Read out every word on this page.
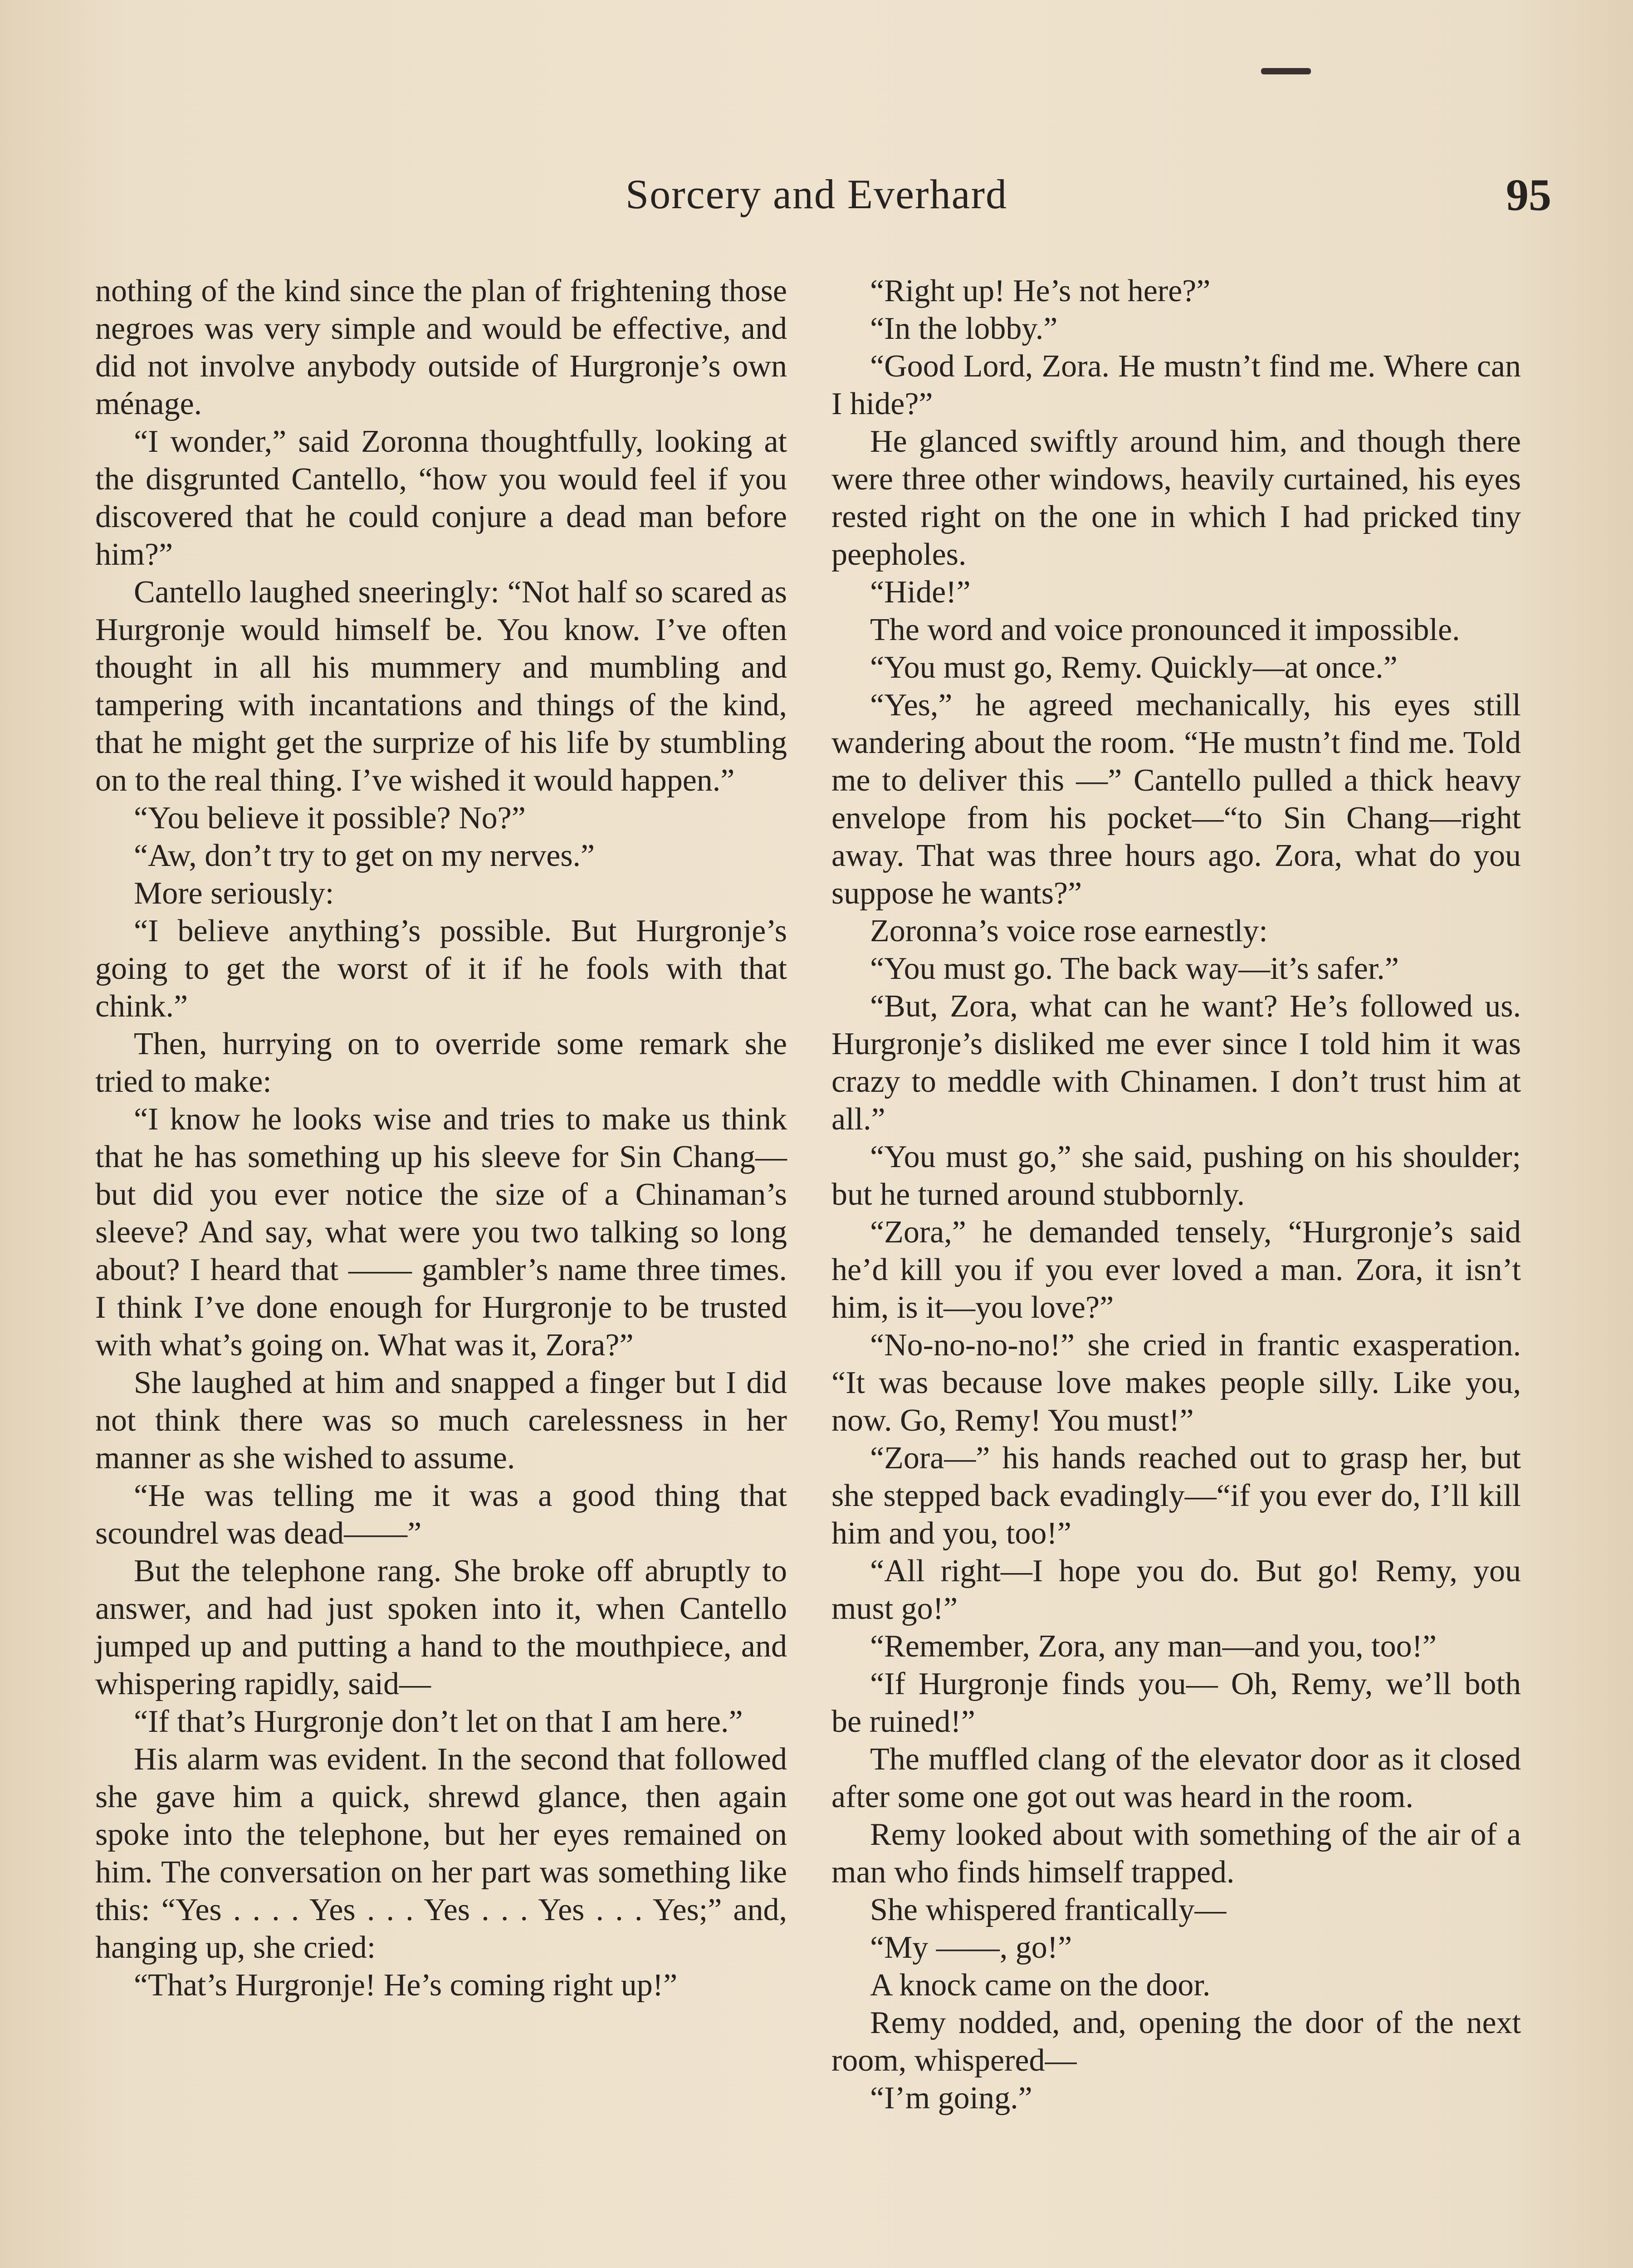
Sorcery and Everhard	95

nothing of the kind since the plan of frightening those negroes was very simple and would be effective, and did not involve anybody outside of Hurgronje’s own ménage.

“I wonder,” said Zoronna thoughtfully, looking at the disgrunted Cantello, “how you would feel if you discovered that he could conjure a dead man before him?”

Cantello laughed sneeringly: “Not half so scared as Hurgronje would himself be. You know. I’ve often thought in all his mummery and mumbling and tampering with incantations and things of the kind, that he might get the surprize of his life by stumbling on to the real thing. I’ve wished it would happen.”

“You believe it possible? No?”

“Aw, don’t try to get on my nerves.”

More seriously:

“I believe anything’s possible. But Hurgronje’s going to get the worst of it if he fools with that chink.”

Then, hurrying on to override some remark she tried to make:

“I know he looks wise and tries to make us think that he has something up his sleeve for Sin Chang—but did you ever notice the size of a Chinaman’s sleeve? And say, what were you two talking so long about? I heard that —— gambler’s name three times. I think I’ve done enough for Hurgronje to be trusted with what’s going on. What was it, Zora?”

She laughed at him and snapped a finger but I did not think there was so much carelessness in her manner as she wished to assume.

“He was telling me it was a good thing that scoundrel was dead——”

But the telephone rang. She broke off abruptly to answer, and had just spoken into it, when Cantello jumped up and putting a hand to the mouthpiece, and whispering rapidly, said—

“If that’s Hurgronje don’t let on that I am here.”

His alarm was evident. In the second that followed she gave him a quick, shrewd glance, then again spoke into the telephone, but her eyes remained on him. The conversation on her part was something like this: “Yes . . . . Yes . . . Yes . . . Yes . . . Yes;” and, hanging up, she cried:

“That’s Hurgronje! He’s coming right up!”

“Right up! He’s not here?”

“In the lobby.”

“Good Lord, Zora. He mustn’t find me. Where can I hide?”

He glanced swiftly around him, and though there were three other windows, heavily curtained, his eyes rested right on the one in which I had pricked tiny peepholes.

“Hide!”

The word and voice pronounced it impossible.

“You must go, Remy. Quickly—at once.”

“Yes,” he agreed mechanically, his eyes still wandering about the room. “He mustn’t find me. Told me to deliver this —” Cantello pulled a thick heavy envelope from his pocket—“to Sin Chang—right away. That was three hours ago. Zora, what do you suppose he wants?”

Zoronna’s voice rose earnestly:

“You must go. The back way—it’s safer.”

“But, Zora, what can he want? He’s followed us. Hurgronje’s disliked me ever since I told him it was crazy to meddle with Chinamen. I don’t trust him at all.”

“You must go,” she said, pushing on his shoulder; but he turned around stubbornly.

“Zora,” he demanded tensely, “Hurgronje’s said he’d kill you if you ever loved a man. Zora, it isn’t him, is it—you love?”

“No-no-no-no!” she cried in frantic exasperation. “It was because love makes people silly. Like you, now. Go, Remy! You must!”

“Zora—” his hands reached out to grasp her, but she stepped back evadingly—“if you ever do, I’ll kill him and you, too!”

“All right—I hope you do. But go! Remy, you must go!”

“Remember, Zora, any man—and you, too!”

“If Hurgronje finds you— Oh, Remy, we’ll both be ruined!”

The muffled clang of the elevator door as it closed after some one got out was heard in the room.

Remy looked about with something of the air of a man who finds himself trapped.

She whispered frantically—

“My ——, go!”

A knock came on the door.

Remy nodded, and, opening the door of the next room, whispered—

“I’m going.”
